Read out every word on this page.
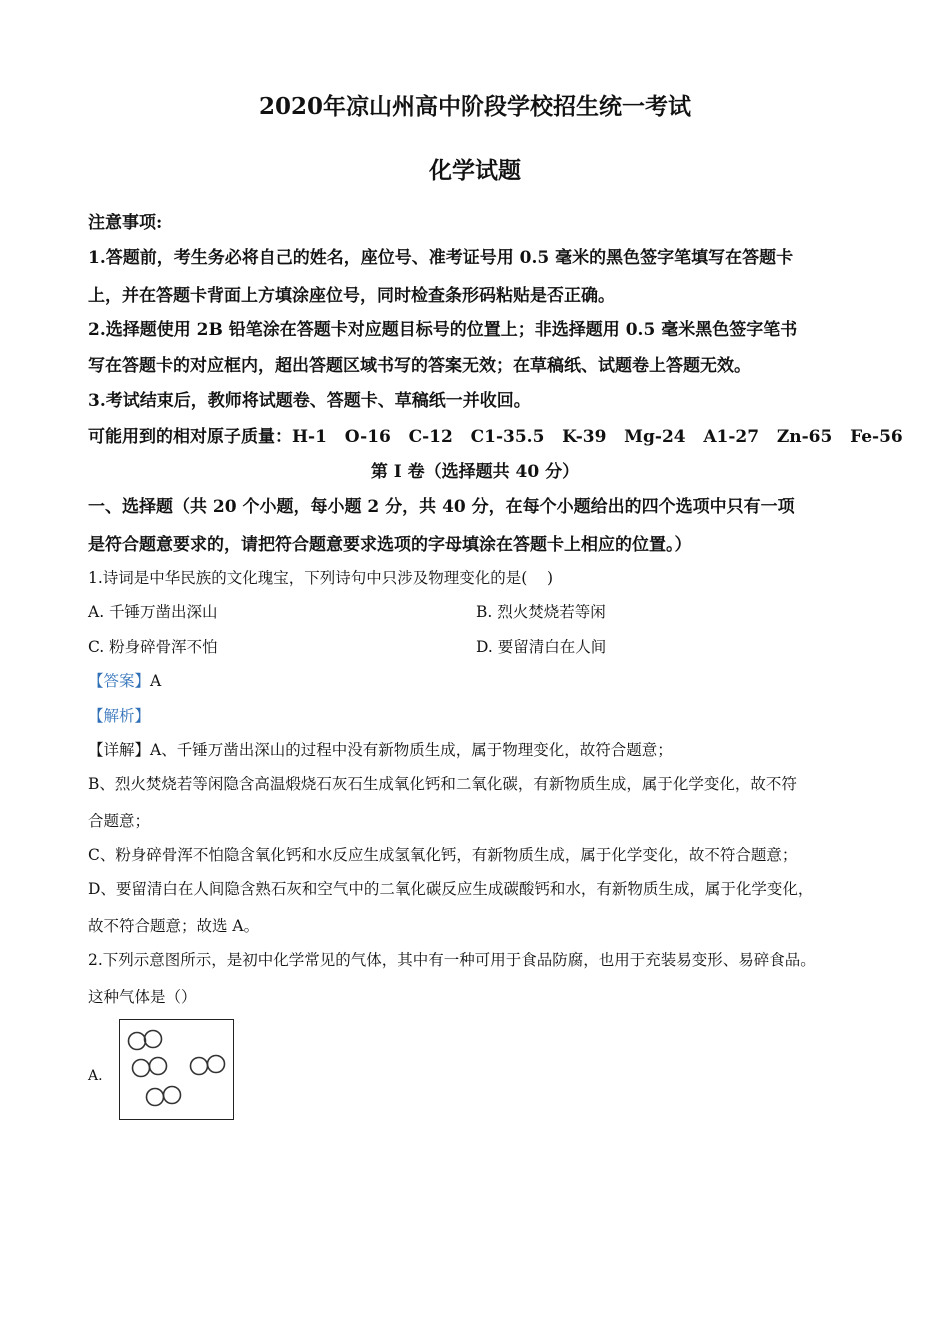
2020年凉山州高中阶段学校招生统一考试
化学试题
注意事项:
1.答题前，考生务必将自己的姓名，座位号、准考证号用 0.5 毫米的黑色签字笔填写在答题卡
上，并在答题卡背面上方填涂座位号，同时检查条形码粘贴是否正确。
2.选择题使用 2B 铅笔涂在答题卡对应题目标号的位置上；非选择题用 0.5 毫米黑色签字笔书
写在答题卡的对应框内，超出答题区域书写的答案无效；在草稿纸、试题卷上答题无效。
3.考试结束后，教师将试题卷、答题卡、草稿纸一并收回。
可能用到的相对原子质量：H-1   O-16   C-12   C1-35.5   K-39   Mg-24   A1-27   Zn-65   Fe-56
第 I 卷（选择题共 40 分）
一、选择题（共 20 个小题，每小题 2 分，共 40 分，在每个小题给出的四个选项中只有一项
是符合题意要求的，请把符合题意要求选项的字母填涂在答题卡上相应的位置。）
1.诗词是中华民族的文化瑰宝，下列诗句中只涉及物理变化的是(    )
A. 千锤万凿出深山	B. 烈火焚烧若等闲
C. 粉身碎骨浑不怕	D. 要留清白在人间
【答案】A
【解析】
【详解】A、千锤万凿出深山的过程中没有新物质生成，属于物理变化，故符合题意；
B、烈火焚烧若等闲隐含高温煅烧石灰石生成氧化钙和二氧化碳，有新物质生成，属于化学变化，故不符
合题意；
C、粉身碎骨浑不怕隐含氧化钙和水反应生成氢氧化钙，有新物质生成，属于化学变化，故不符合题意；
D、要留清白在人间隐含熟石灰和空气中的二氧化碳反应生成碳酸钙和水，有新物质生成，属于化学变化，
故不符合题意；故选 A。
2.下列示意图所示，是初中化学常见的气体，其中有一种可用于食品防腐，也用于充装易变形、易碎食品。
这种气体是（）
A.
